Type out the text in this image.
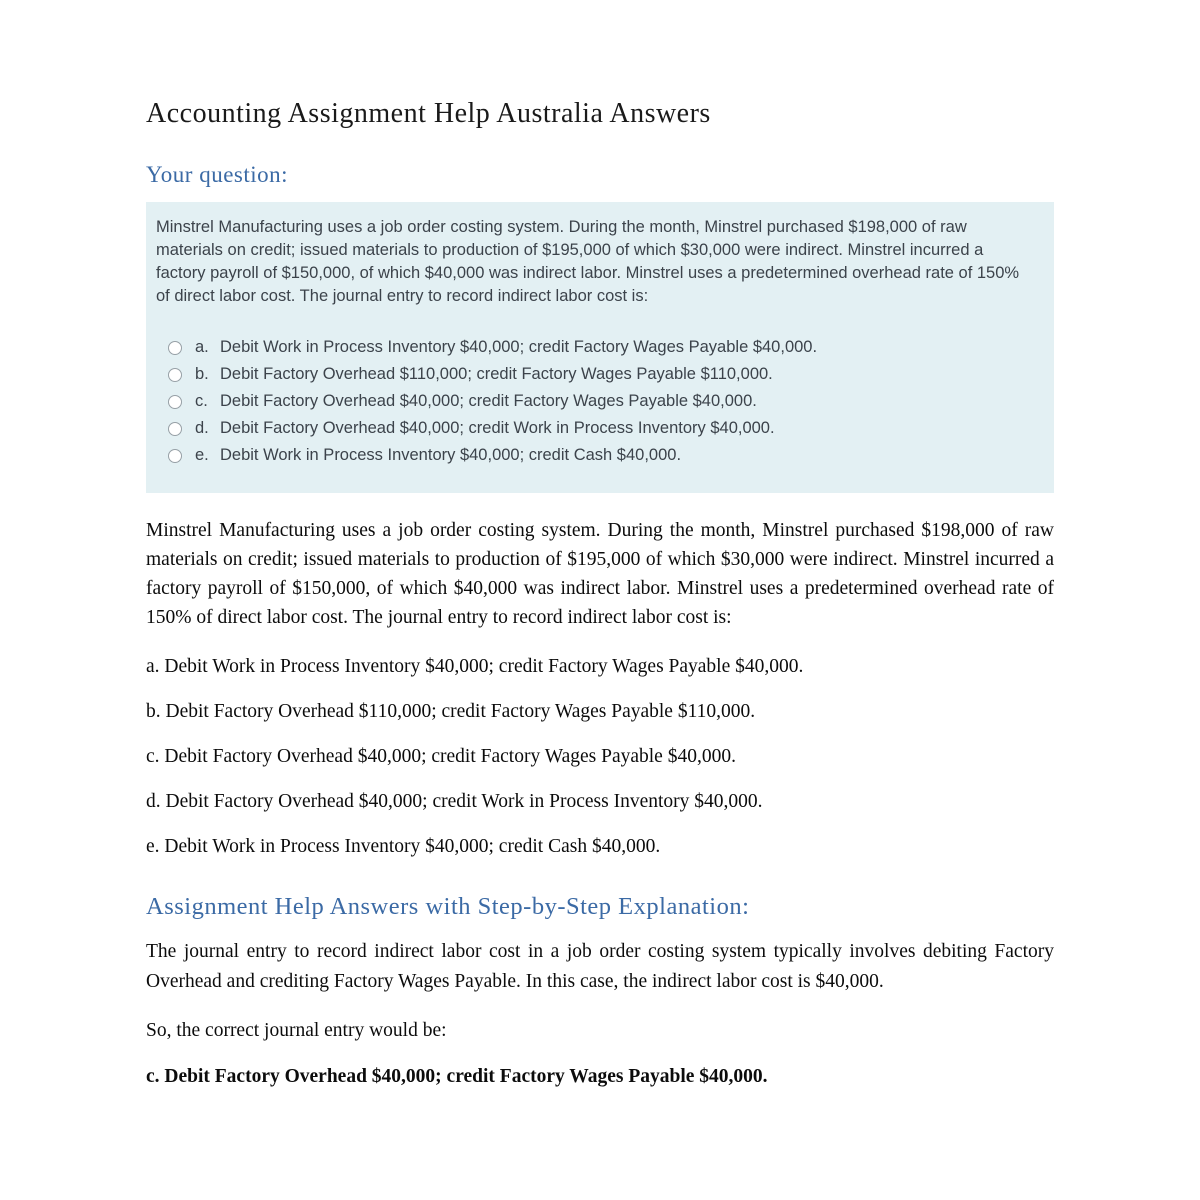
Accounting Assignment Help Australia Answers
Your question:

Minstrel Manufacturing uses a job order costing system. During the month, Minstrel purchased $198,000 of raw materials on credit; issued materials to production of $195,000 of which $30,000 were indirect. Minstrel incurred a factory payroll of $150,000, of which $40,000 was indirect labor. Minstrel uses a predetermined overhead rate of 150% of direct labor cost. The journal entry to record indirect labor cost is:

a. Debit Work in Process Inventory $40,000; credit Factory Wages Payable $40,000.
b. Debit Factory Overhead $110,000; credit Factory Wages Payable $110,000.
c. Debit Factory Overhead $40,000; credit Factory Wages Payable $40,000.
d. Debit Factory Overhead $40,000; credit Work in Process Inventory $40,000.
e. Debit Work in Process Inventory $40,000; credit Cash $40,000.

Minstrel Manufacturing uses a job order costing system. During the month, Minstrel purchased $198,000 of raw materials on credit; issued materials to production of $195,000 of which $30,000 were indirect. Minstrel incurred a factory payroll of $150,000, of which $40,000 was indirect labor. Minstrel uses a predetermined overhead rate of 150% of direct labor cost. The journal entry to record indirect labor cost is:

a. Debit Work in Process Inventory $40,000; credit Factory Wages Payable $40,000.

b. Debit Factory Overhead $110,000; credit Factory Wages Payable $110,000.

c. Debit Factory Overhead $40,000; credit Factory Wages Payable $40,000.

d. Debit Factory Overhead $40,000; credit Work in Process Inventory $40,000.

e. Debit Work in Process Inventory $40,000; credit Cash $40,000.

Assignment Help Answers with Step-by-Step Explanation:

The journal entry to record indirect labor cost in a job order costing system typically involves debiting Factory Overhead and crediting Factory Wages Payable. In this case, the indirect labor cost is $40,000.

So, the correct journal entry would be:

c. Debit Factory Overhead $40,000; credit Factory Wages Payable $40,000.
